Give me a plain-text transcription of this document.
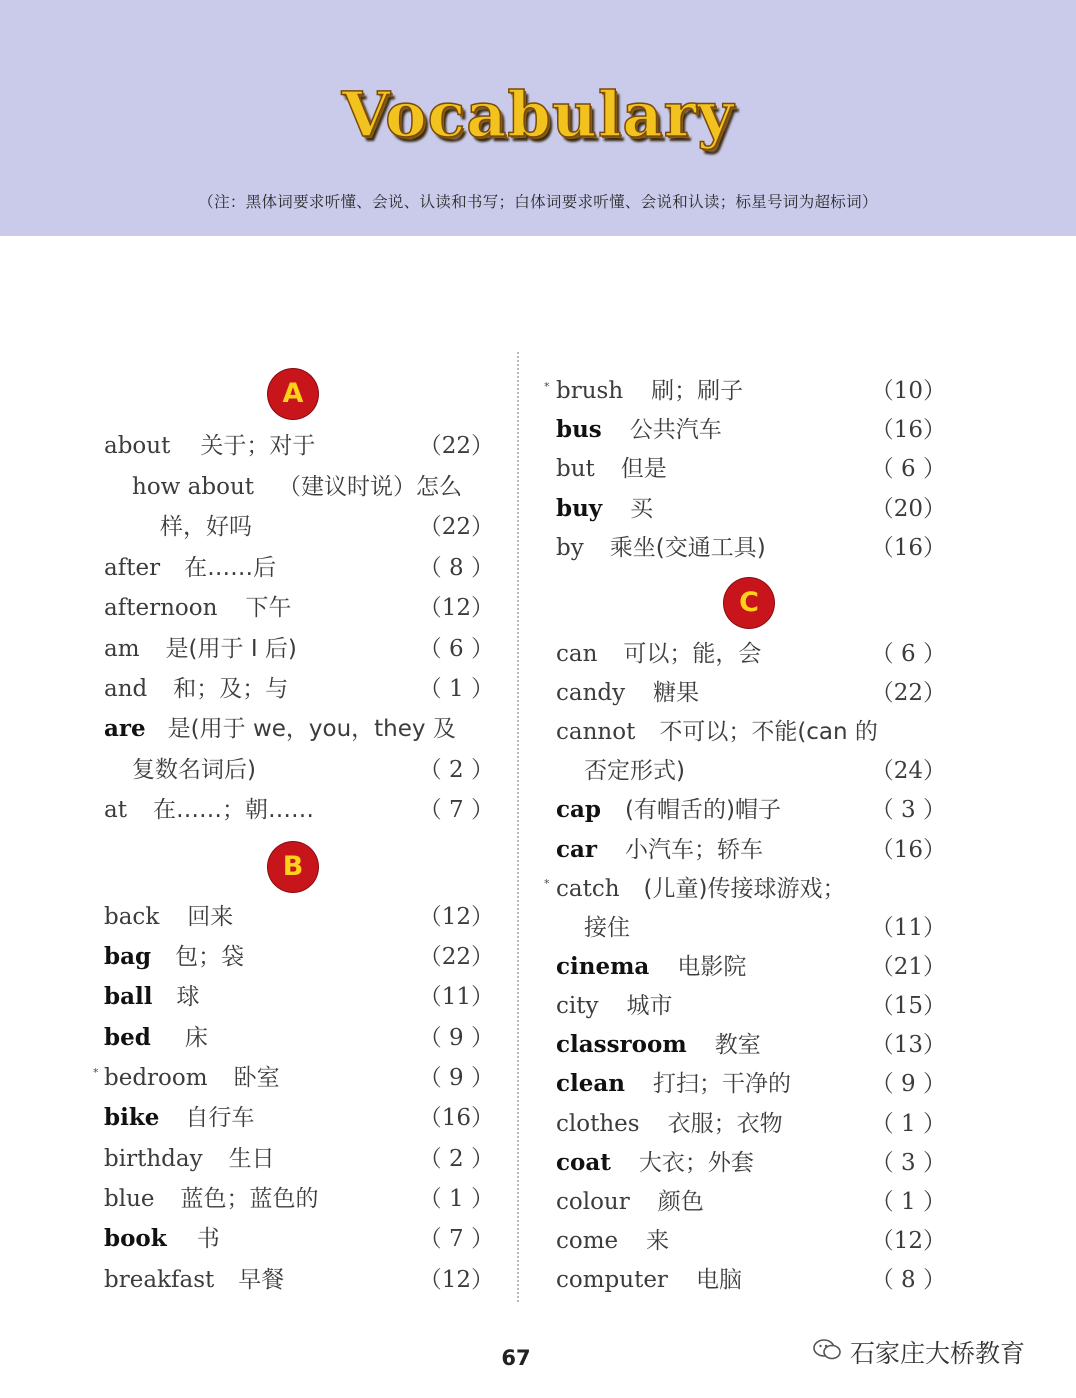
Vocabulary
（注：黑体词要求听懂、会说、认读和书写；白体词要求听懂、会说和认读；标星号词为超标词）
A
about 关于；对于	（22）
how about （建议时说）怎么
样，好吗	（22）
after 在……后	（ 8 ）
afternoon 下午	（12）
am 是(用于 I 后)	（ 6 ）
and 和；及；与	（ 1 ）
are 是(用于 we，you，they 及
复数名词后)	（ 2 ）
at 在……；朝……	（ 7 ）
B
back 回来	（12）
bag 包；袋	（22）
ball 球	（11）
bed 床	（ 9 ）
* bedroom 卧室	（ 9 ）
bike 自行车	（16）
birthday 生日	（ 2 ）
blue 蓝色；蓝色的	（ 1 ）
book 书	（ 7 ）
breakfast 早餐	（12）
* brush 刷；刷子	（10）
bus 公共汽车	（16）
but 但是	（ 6 ）
buy 买	（20）
by 乘坐(交通工具)	（16）
C
can 可以；能，会	（ 6 ）
candy 糖果	（22）
cannot 不可以；不能(can 的
否定形式)	（24）
cap (有帽舌的)帽子	（ 3 ）
car 小汽车；轿车	（16）
* catch (儿童)传接球游戏；
接住	（11）
cinema 电影院	（21）
city 城市	（15）
classroom 教室	（13）
clean 打扫；干净的	（ 9 ）
clothes 衣服；衣物	（ 1 ）
coat 大衣；外套	（ 3 ）
colour 颜色	（ 1 ）
come 来	（12）
computer 电脑	（ 8 ）
67	石家庄大桥教育
